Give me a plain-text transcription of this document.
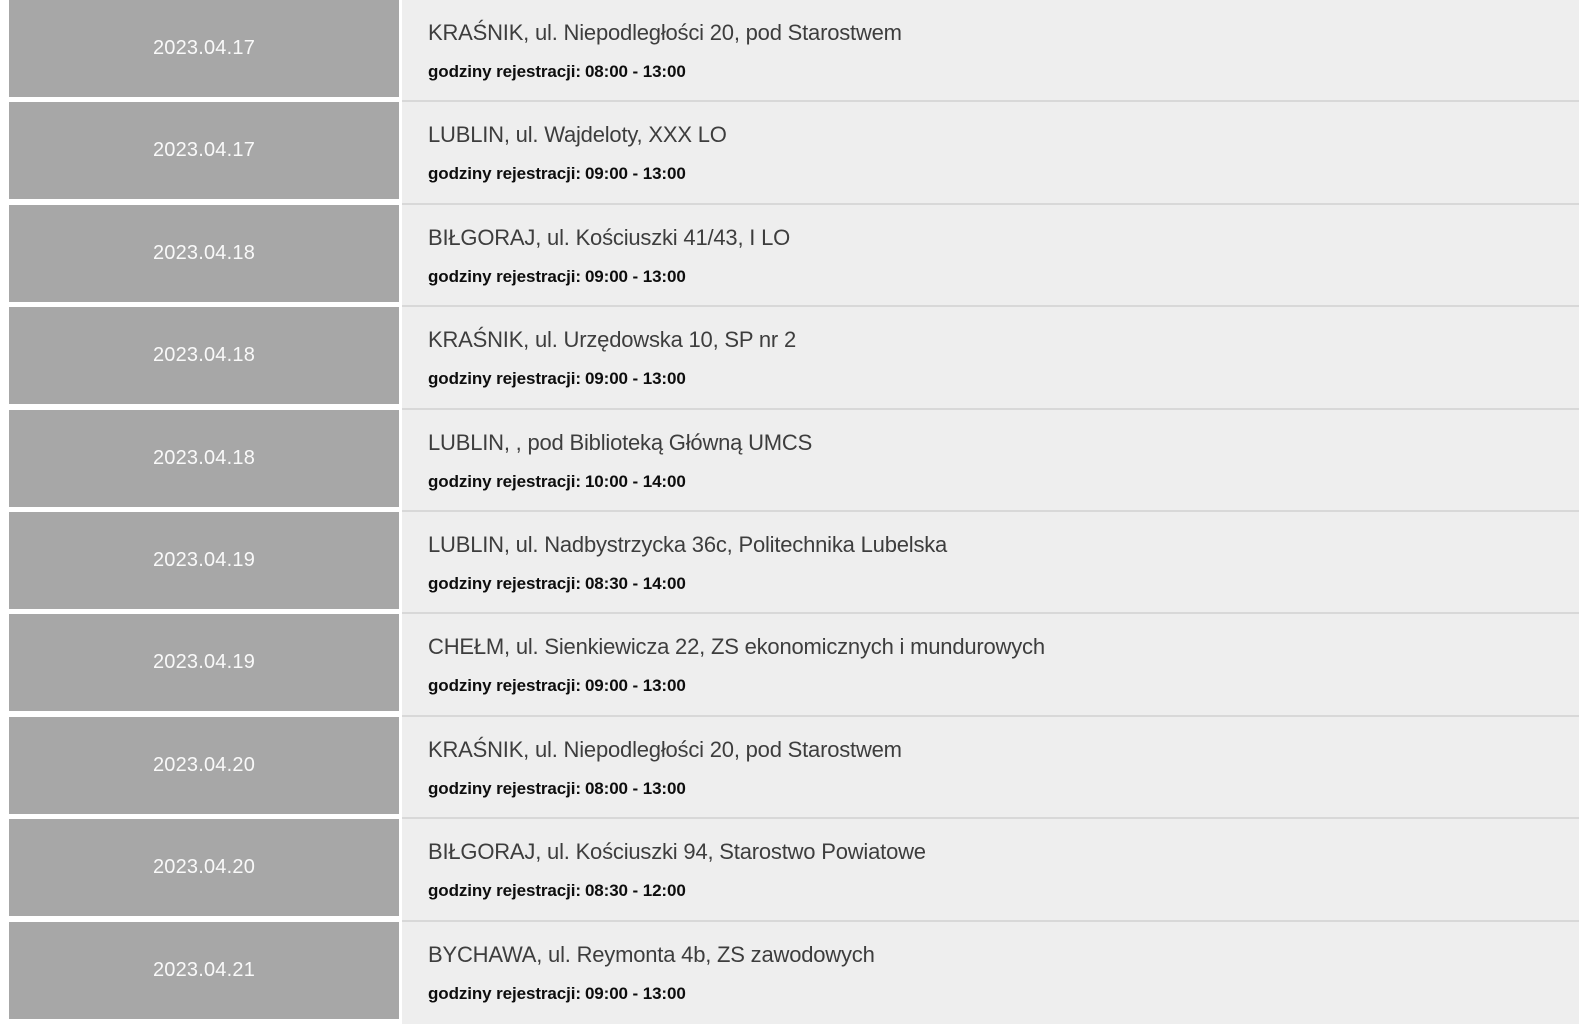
2023.04.17
KRAŚNIK, ul. Niepodległości 20, pod Starostwem
godziny rejestracji: 08:00 - 13:00
2023.04.17
LUBLIN, ul. Wajdeloty, XXX LO
godziny rejestracji: 09:00 - 13:00
2023.04.18
BIŁGORAJ, ul. Kościuszki 41/43, I LO
godziny rejestracji: 09:00 - 13:00
2023.04.18
KRAŚNIK, ul. Urzędowska 10, SP nr 2
godziny rejestracji: 09:00 - 13:00
2023.04.18
LUBLIN, , pod Biblioteką Główną UMCS
godziny rejestracji: 10:00 - 14:00
2023.04.19
LUBLIN, ul. Nadbystrzycka 36c, Politechnika Lubelska
godziny rejestracji: 08:30 - 14:00
2023.04.19
CHEŁM, ul. Sienkiewicza 22, ZS ekonomicznych i mundurowych
godziny rejestracji: 09:00 - 13:00
2023.04.20
KRAŚNIK, ul. Niepodległości 20, pod Starostwem
godziny rejestracji: 08:00 - 13:00
2023.04.20
BIŁGORAJ, ul. Kościuszki 94, Starostwo Powiatowe
godziny rejestracji: 08:30 - 12:00
2023.04.21
BYCHAWA, ul. Reymonta 4b, ZS zawodowych
godziny rejestracji: 09:00 - 13:00
